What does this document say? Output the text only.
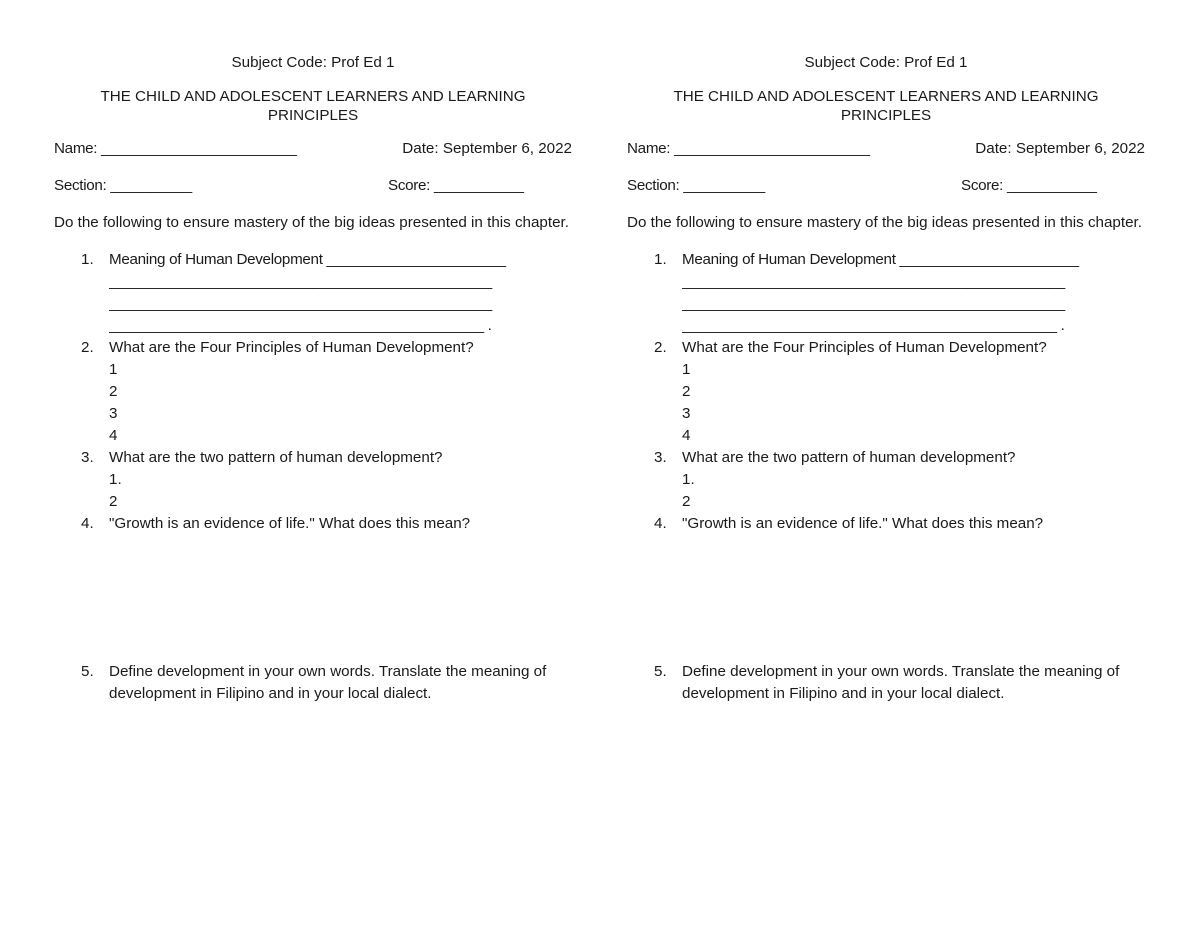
Subject Code: Prof Ed 1
THE CHILD AND ADOLESCENT LEARNERS AND LEARNING PRINCIPLES
Name: ________________________	Date: September 6, 2022
Section: __________	Score: ___________
Do the following to ensure mastery of the big ideas presented in this chapter.
1. Meaning of Human Development ______________________
_______________________________________________
_______________________________________________
______________________________________________ .
2. What are the Four Principles of Human Development?
1
2
3
4
3. What are the two pattern of human development?
1.
2
4. "Growth is an evidence of life." What does this mean?
5. Define development in your own words. Translate the meaning of development in Filipino and in your local dialect.
Subject Code: Prof Ed 1
THE CHILD AND ADOLESCENT LEARNERS AND LEARNING PRINCIPLES
Name: ________________________	Date: September 6, 2022
Section: __________	Score: ___________
Do the following to ensure mastery of the big ideas presented in this chapter.
1. Meaning of Human Development ______________________
_______________________________________________
_______________________________________________
______________________________________________ .
2. What are the Four Principles of Human Development?
1
2
3
4
3. What are the two pattern of human development?
1.
2
4. "Growth is an evidence of life." What does this mean?
5. Define development in your own words. Translate the meaning of development in Filipino and in your local dialect.
